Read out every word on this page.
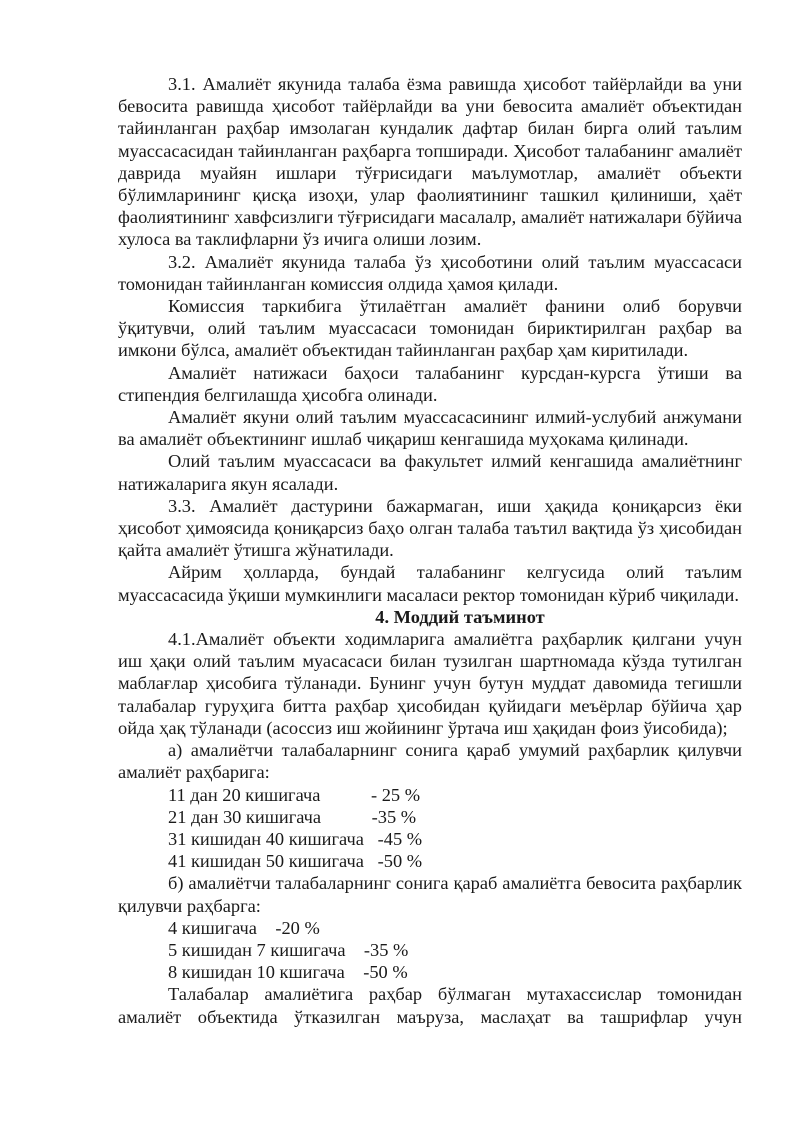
3.1. Амалиёт якунида талаба ёзма равишда ҳисобот тайёрлайди ва уни бевосита равишда ҳисобот тайёрлайди ва уни бевосита амалиёт объектидан тайинланган раҳбар имзолаган кундалик дафтар билан бирга олий таълим муассасасидан тайинланган раҳбарга топширади. Ҳисобот талабанинг амалиёт даврида муайян ишлари тўғрисидаги маълумотлар, амалиёт объекти бўлимларининг қисқа изоҳи, улар фаолиятининг ташкил қилиниши, ҳаёт фаолиятининг хавфсизлиги тўғрисидаги масалалр, амалиёт натижалари бўйича хулоса ва таклифларни ўз ичига олиши лозим.

3.2. Амалиёт якунида талаба ўз ҳисоботини олий таълим муассасаси томонидан тайинланган комиссия олдида ҳамоя қилади.

Комиссия таркибига ўтилаётган амалиёт фанини олиб борувчи ўқитувчи, олий таълим муассасаси томонидан бириктирилган раҳбар ва имкони бўлса, амалиёт объектидан тайинланган раҳбар ҳам киритилади.

Амалиёт натижаси баҳоси талабанинг курсдан-курсга ўтиши ва стипендия белгилашда ҳисобга олинади.

Амалиёт якуни олий таълим муассасасининг илмий-услубий анжумани ва амалиёт объектининг ишлаб чиқариш кенгашида муҳокама қилинади.

Олий таълим муассасаси ва факультет илмий кенгашида амалиётнинг натижаларига якун ясалади.

3.3. Амалиёт дастурини бажармаган, иши ҳақида қониқарсиз ёки ҳисобот ҳимоясида қониқарсиз баҳо олган талаба таътил вақтида ўз ҳисобидан қайта амалиёт ўтишга жўнатилади.

Айрим ҳолларда, бундай талабанинг келгусида олий таълим муассасасида ўқиши мумкинлиги масаласи ректор томонидан кўриб чиқилади.

4. Моддий таъминот

4.1.Амалиёт объекти ходимларига амалиётга раҳбарлик қилгани учун иш ҳақи олий таълим муасасаси билан тузилган шартномада кўзда тутилган маблағлар ҳисобига тўланади. Бунинг учун бутун муддат давомида тегишли талабалар гуруҳига битта раҳбар ҳисобидан қуйидаги меъёрлар бўйича ҳар ойда ҳақ тўланади (асоссиз иш жойининг ўртача иш ҳақидан фоиз ўисобида);

а) амалиётчи талабаларнинг сонига қараб умумий раҳбарлик қилувчи амалиёт раҳбарига:

11 дан 20 кишигача           - 25 %

21 дан 30 кишигача           -35 %

31 кишидан 40 кишигача   -45 %

41 кишидан 50 кишигача   -50 %

б) амалиётчи талабаларнинг сонига қараб амалиётга бевосита раҳбарлик қилувчи раҳбарга:

4 кишигача    -20 %

5 кишидан 7 кишигача    -35 %

8 кишидан 10 кшигача    -50 %

Талабалар амалиётига раҳбар бўлмаган мутахассислар томонидан амалиёт объектида ўтказилган маъруза, маслаҳат ва ташрифлар учун
